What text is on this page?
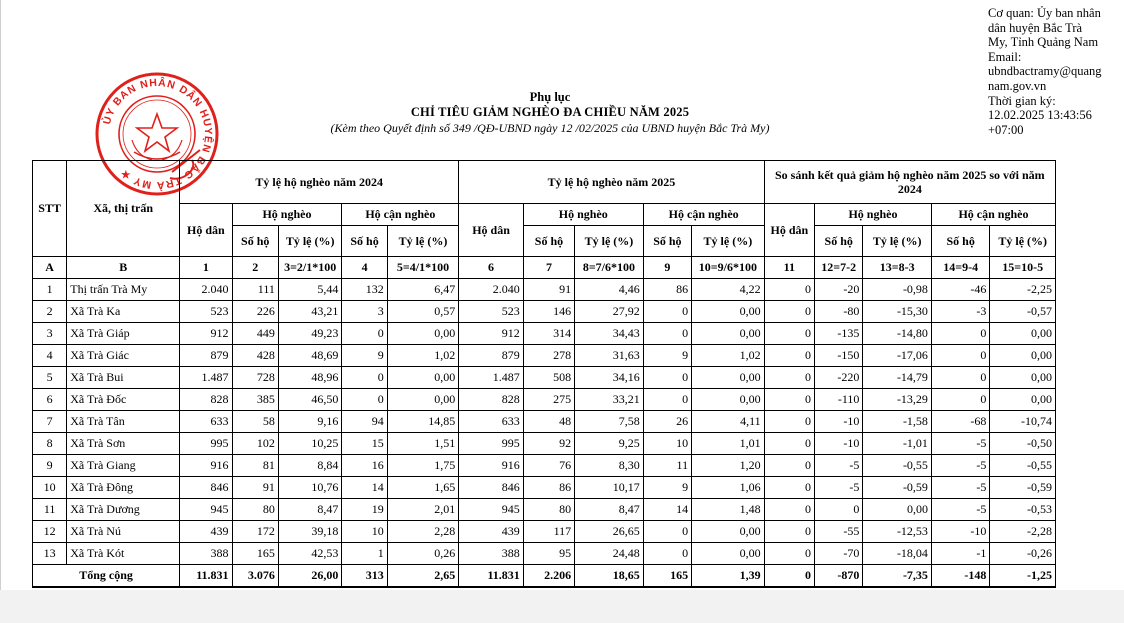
Cơ quan: Ủy ban nhân
dân huyện Bắc Trà
My, Tỉnh Quảng Nam
Email:
ubndbactramy@quang
nam.gov.vn
Thời gian ký:
12.02.2025 13:43:56
+07:00
ỦY BAN NHÂN DÂN HUYỆN BẮC TRÀ MY ★
Phụ lục
CHỈ TIÊU GIẢM NGHÈO ĐA CHIỀU NĂM 2025
(Kèm theo Quyết định số 349 /QĐ-UBND ngày 12 /02/2025 của UBND huyện Bắc Trà My)
STT	Xã, thị trấn	Tỷ lệ hộ nghèo năm 2024					Tỷ lệ hộ nghèo năm 2025					So sánh kết quả giảm hộ nghèo năm 2025 so với năm 2024				
		Hộ dân	Hộ nghèo		Hộ cận nghèo		Hộ dân	Hộ nghèo		Hộ cận nghèo		Hộ dân	Hộ nghèo		Hộ cận nghèo	
			Số hộ	Tỷ lệ (%)	Số hộ	Tỷ lệ (%)		Số hộ	Tỷ lệ (%)	Số hộ	Tỷ lệ (%)		Số hộ	Tỷ lệ (%)	Số hộ	Tỷ lệ (%)
A	B	1	2	3=2/1*100	4	5=4/1*100	6	7	8=7/6*100	9	10=9/6*100	11	12=7-2	13=8-3	14=9-4	15=10-5
1	Thị trấn Trà My	2.040	111	5,44	132	6,47	2.040	91	4,46	86	4,22	0	-20	-0,98	-46	-2,25
2	Xã Trà Ka	523	226	43,21	3	0,57	523	146	27,92	0	0,00	0	-80	-15,30	-3	-0,57
3	Xã Trà Giáp	912	449	49,23	0	0,00	912	314	34,43	0	0,00	0	-135	-14,80	0	0,00
4	Xã Trà Giác	879	428	48,69	9	1,02	879	278	31,63	9	1,02	0	-150	-17,06	0	0,00
5	Xã Trà Bui	1.487	728	48,96	0	0,00	1.487	508	34,16	0	0,00	0	-220	-14,79	0	0,00
6	Xã Trà Đốc	828	385	46,50	0	0,00	828	275	33,21	0	0,00	0	-110	-13,29	0	0,00
7	Xã Trà Tân	633	58	9,16	94	14,85	633	48	7,58	26	4,11	0	-10	-1,58	-68	-10,74
8	Xã Trà Sơn	995	102	10,25	15	1,51	995	92	9,25	10	1,01	0	-10	-1,01	-5	-0,50
9	Xã Trà Giang	916	81	8,84	16	1,75	916	76	8,30	11	1,20	0	-5	-0,55	-5	-0,55
10	Xã Trà Đông	846	91	10,76	14	1,65	846	86	10,17	9	1,06	0	-5	-0,59	-5	-0,59
11	Xã Trà Dương	945	80	8,47	19	2,01	945	80	8,47	14	1,48	0	0	0,00	-5	-0,53
12	Xã Trà Nú	439	172	39,18	10	2,28	439	117	26,65	0	0,00	0	-55	-12,53	-10	-2,28
13	Xã Trà Kót	388	165	42,53	1	0,26	388	95	24,48	0	0,00	0	-70	-18,04	-1	-0,26
Tổng cộng		11.831	3.076	26,00	313	2,65	11.831	2.206	18,65	165	1,39	0	-870	-7,35	-148	-1,25
